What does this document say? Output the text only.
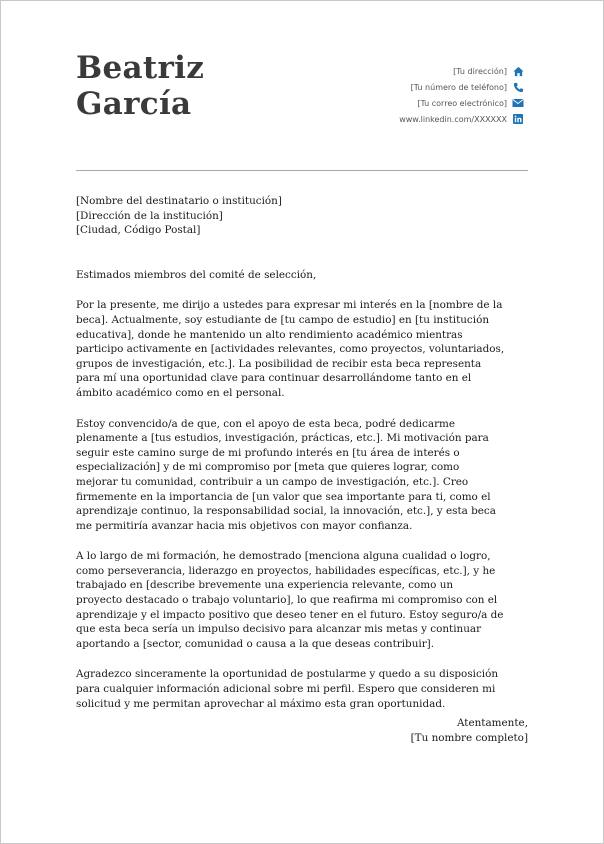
Beatriz
García
[Tu dirección]
[Tu número de teléfono]
[Tu correo electrónico]
www.linkedin.com/XXXXXX
[Nombre del destinatario o institución]
[Dirección de la institución]
[Ciudad, Código Postal]
Estimados miembros del comité de selección,
Por la presente, me dirijo a ustedes para expresar mi interés en la [nombre de la
beca]. Actualmente, soy estudiante de [tu campo de estudio] en [tu institución
educativa], donde he mantenido un alto rendimiento académico mientras
participo activamente en [actividades relevantes, como proyectos, voluntariados,
grupos de investigación, etc.]. La posibilidad de recibir esta beca representa
para mí una oportunidad clave para continuar desarrollándome tanto en el
ámbito académico como en el personal.
Estoy convencido/a de que, con el apoyo de esta beca, podré dedicarme
plenamente a [tus estudios, investigación, prácticas, etc.]. Mi motivación para
seguir este camino surge de mi profundo interés en [tu área de interés o
especialización] y de mi compromiso por [meta que quieres lograr, como
mejorar tu comunidad, contribuir a un campo de investigación, etc.]. Creo
firmemente en la importancia de [un valor que sea importante para ti, como el
aprendizaje continuo, la responsabilidad social, la innovación, etc.], y esta beca
me permitiría avanzar hacia mis objetivos con mayor confianza.
A lo largo de mi formación, he demostrado [menciona alguna cualidad o logro,
como perseverancia, liderazgo en proyectos, habilidades específicas, etc.], y he
trabajado en [describe brevemente una experiencia relevante, como un
proyecto destacado o trabajo voluntario], lo que reafirma mi compromiso con el
aprendizaje y el impacto positivo que deseo tener en el futuro. Estoy seguro/a de
que esta beca sería un impulso decisivo para alcanzar mis metas y continuar
aportando a [sector, comunidad o causa a la que deseas contribuir].
Agradezco sinceramente la oportunidad de postularme y quedo a su disposición
para cualquier información adicional sobre mi perfil. Espero que consideren mi
solicitud y me permitan aprovechar al máximo esta gran oportunidad.
Atentamente,
[Tu nombre completo]
